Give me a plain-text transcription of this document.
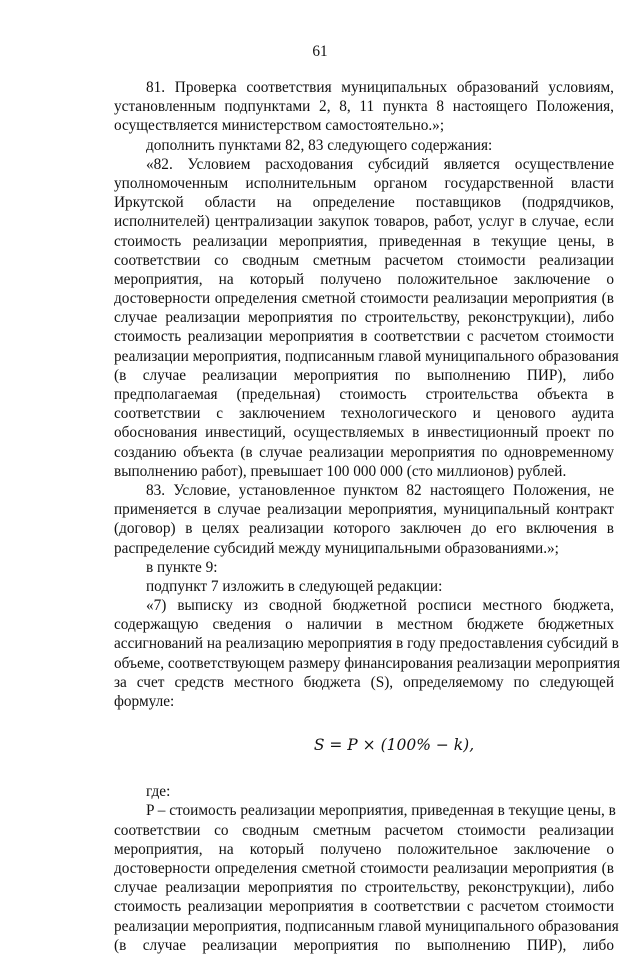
61
81. Проверка соответствия муниципальных образований условиям,
установленным подпунктами 2, 8, 11 пункта 8 настоящего Положения,
осуществляется министерством самостоятельно.»;
дополнить пунктами 82, 83 следующего содержания:
«82. Условием расходования субсидий является осуществление
уполномоченным исполнительным органом государственной власти
Иркутской области на определение поставщиков (подрядчиков,
исполнителей) централизации закупок товаров, работ, услуг в случае, если
стоимость реализации мероприятия, приведенная в текущие цены, в
соответствии со сводным сметным расчетом стоимости реализации
мероприятия, на который получено положительное заключение о
достоверности определения сметной стоимости реализации мероприятия (в
случае реализации мероприятия по строительству, реконструкции), либо
стоимость реализации мероприятия в соответствии с расчетом стоимости
реализации мероприятия, подписанным главой муниципального образования
(в случае реализации мероприятия по выполнению ПИР), либо
предполагаемая (предельная) стоимость строительства объекта в
соответствии с заключением технологического и ценового аудита
обоснования инвестиций, осуществляемых в инвестиционный проект по
созданию объекта (в случае реализации мероприятия по одновременному
выполнению работ), превышает 100 000 000 (сто миллионов) рублей.
83. Условие, установленное пунктом 82 настоящего Положения, не
применяется в случае реализации мероприятия, муниципальный контракт
(договор) в целях реализации которого заключен до его включения в
распределение субсидий между муниципальными образованиями.»;
в пункте 9:
подпункт 7 изложить в следующей редакции:
«7) выписку из сводной бюджетной росписи местного бюджета,
содержащую сведения о наличии в местном бюджете бюджетных
ассигнований на реализацию мероприятия в году предоставления субсидий в
объеме, соответствующем размеру финансирования реализации мероприятия
за счет средств местного бюджета (S), определяемому по следующей
формуле:
S = P × (100% − k),
где:
P – стоимость реализации мероприятия, приведенная в текущие цены, в
соответствии со сводным сметным расчетом стоимости реализации
мероприятия, на который получено положительное заключение о
достоверности определения сметной стоимости реализации мероприятия (в
случае реализации мероприятия по строительству, реконструкции), либо
стоимость реализации мероприятия в соответствии с расчетом стоимости
реализации мероприятия, подписанным главой муниципального образования
(в случае реализации мероприятия по выполнению ПИР), либо
